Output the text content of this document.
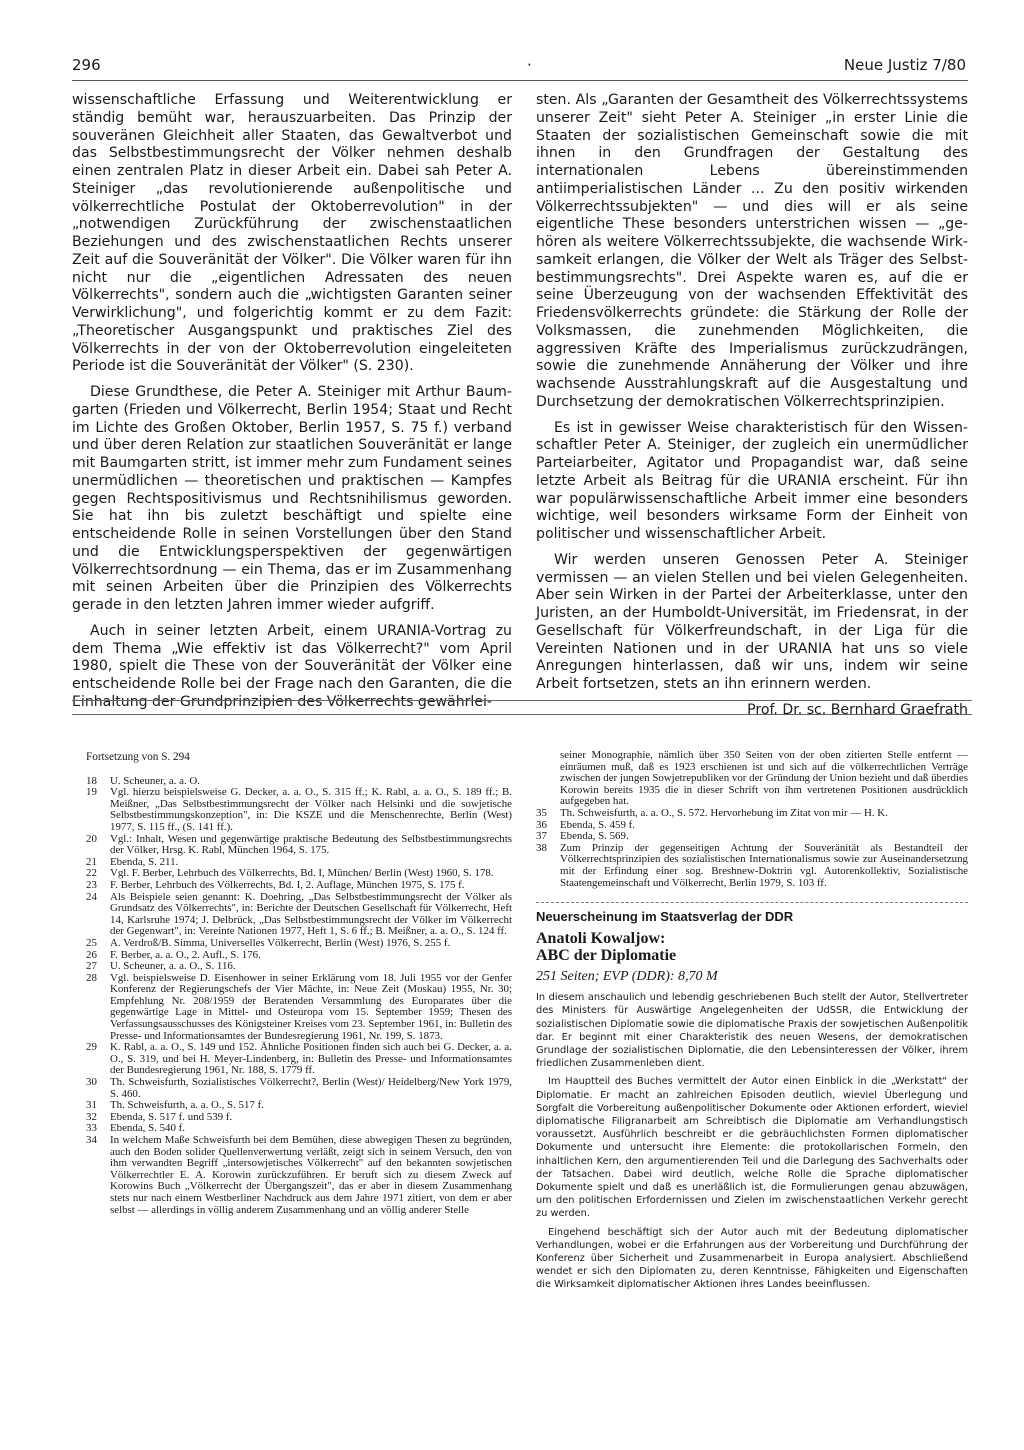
296	·	Neue Justiz 7/80

wissenschaftliche Erfassung und Weiterentwicklung er ständig bemüht war, herauszuarbeiten. Das Prinzip der souveränen Gleichheit aller Staaten, das Gewaltverbot und das Selbstbestimmungsrecht der Völker nehmen deshalb einen zentralen Platz in dieser Arbeit ein. Dabei sah Peter A. Steiniger „das revolutionierende außenpolitische und völkerrechtliche Postulat der Oktoberrevolution" in der „notwendigen Zurückführung der zwischenstaatlichen Beziehungen und des zwischenstaatlichen Rechts unserer Zeit auf die Souveränität der Völker". Die Völker waren für ihn nicht nur die „eigentlichen Adressaten des neuen Völkerrechts", sondern auch die „wichtigsten Garanten seiner Verwirklichung", und folgerichtig kommt er zu dem Fazit: „Theoretischer Ausgangspunkt und praktisches Ziel des Völkerrechts in der von der Oktoberrevolution eingeleiteten Periode ist die Souveränität der Völker" (S. 230).

Diese Grundthese, die Peter A. Steiniger mit Arthur Baumgarten (Frieden und Völkerrecht, Berlin 1954; Staat und Recht im Lichte des Großen Oktober, Berlin 1957, S. 75 f.) verband und über deren Relation zur staatlichen Souveränität er lange mit Baumgarten stritt, ist immer mehr zum Fundament seines unermüdlichen — theoretischen und praktischen — Kampfes gegen Rechtspositivismus und Rechtsnihilismus geworden. Sie hat ihn bis zuletzt beschäftigt und spielte eine entscheidende Rolle in seinen Vorstellungen über den Stand und die Entwicklungsperspektiven der gegenwärtigen Völkerrechtsordnung — ein Thema, das er im Zusammenhang mit seinen Arbeiten über die Prinzipien des Völkerrechts gerade in den letzten Jahren immer wieder aufgriff.

Auch in seiner letzten Arbeit, einem URANIA-Vortrag zu dem Thema „Wie effektiv ist das Völkerrecht?" vom April 1980, spielt die These von der Souveränität der Völker eine entscheidende Rolle bei der Frage nach den Garanten, die die Einhaltung der Grundprinzipien des Völkerrechts gewährlei-

sten. Als „Garanten der Gesamtheit des Völkerrechtssystems unserer Zeit" sieht Peter A. Steiniger „in erster Linie die Staaten der sozialistischen Gemeinschaft sowie die mit ihnen in den Grundfragen der Gestaltung des internationalen Lebens übereinstimmenden antiimperialistischen Länder ... Zu den positiv wirkenden Völkerrechtssubjekten" — und dies will er als seine eigentliche These besonders unterstrichen wissen — „gehören als weitere Völkerrechtssubjekte, die wachsende Wirksamkeit erlangen, die Völker der Welt als Träger des Selbstbestimmungsrechts". Drei Aspekte waren es, auf die er seine Überzeugung von der wachsenden Effektivität des Friedensvölkerrechts gründete: die Stärkung der Rolle der Volksmassen, die zunehmenden Möglichkeiten, die aggressiven Kräfte des Imperialismus zurückzudrängen, sowie die zunehmende Annäherung der Völker und ihre wachsende Ausstrahlungskraft auf die Ausgestaltung und Durchsetzung der demokratischen Völkerrechtsprinzipien.

Es ist in gewisser Weise charakteristisch für den Wissenschaftler Peter A. Steiniger, der zugleich ein unermüdlicher Parteiarbeiter, Agitator und Propagandist war, daß seine letzte Arbeit als Beitrag für die URANIA erscheint. Für ihn war populärwissenschaftliche Arbeit immer eine besonders wichtige, weil besonders wirksame Form der Einheit von politischer und wissenschaftlicher Arbeit.

Wir werden unseren Genossen Peter A. Steiniger vermissen — an vielen Stellen und bei vielen Gelegenheiten. Aber sein Wirken in der Partei der Arbeiterklasse, unter den Juristen, an der Humboldt-Universität, im Friedensrat, in der Gesellschaft für Völkerfreundschaft, in der Liga für die Vereinten Nationen und in der URANIA hat uns so viele Anregungen hinterlassen, daß wir uns, indem wir seine Arbeit fortsetzen, stets an ihn erinnern werden.

Prof. Dr. sc. Bernhard Graefrath

Fortsetzung von S. 294
18	U. Scheuner, a. a. O.
19	Vgl. hierzu beispielsweise G. Decker, a. a. O., S. 315 ff.; K. Rabl, a. a. O., S. 189 ff.; B. Meißner, „Das Selbstbestimmungsrecht der Völker nach Helsinki und die sowjetische Selbstbestimmungskonzeption", in: Die KSZE und die Menschenrechte, Berlin (West) 1977, S. 115 ff., (S. 141 ff.).
20	Vgl.: Inhalt, Wesen und gegenwärtige praktische Bedeutung des Selbstbestimmungsrechts der Völker, Hrsg. K. Rabl, München 1964, S. 175.
21	Ebenda, S. 211.
22	Vgl. F. Berber, Lehrbuch des Völkerrechts, Bd. I, München/ Berlin (West) 1960, S. 178.
23	F. Berber, Lehrbuch des Völkerrechts, Bd. I, 2. Auflage, München 1975, S. 175 f.
24	Als Beispiele seien genannt: K. Doehring, „Das Selbstbestimmungsrecht der Völker als Grundsatz des Völkerrechts", in: Berichte der Deutschen Gesellschaft für Völkerrecht, Heft 14, Karlsruhe 1974; J. Delbrück, „Das Selbstbestimmungsrecht der Völker im Völkerrecht der Gegenwart", in: Vereinte Nationen 1977, Heft 1, S. 6 ff.; B. Meißner, a. a. O., S. 124 ff.
25	A. Verdroß/B. Simma, Universelles Völkerrecht, Berlin (West) 1976, S. 255 f.
26	F. Berber, a. a. O., 2. Aufl., S. 176.
27	U. Scheuner, a. a. O., S. 116.
28	Vgl. beispielsweise D. Eisenhower in seiner Erklärung vom 18. Juli 1955 vor der Genfer Konferenz der Regierungschefs der Vier Mächte, in: Neue Zeit (Moskau) 1955, Nr. 30; Empfehlung Nr. 208/1959 der Beratenden Versammlung des Europarates über die gegenwärtige Lage in Mittel- und Osteuropa vom 15. September 1959; Thesen des Verfassungsausschusses des Königsteiner Kreises vom 23. September 1961, in: Bulletin des Presse- und Informationsamtes der Bundesregierung 1961, Nr. 199, S. 1873.
29	K. Rabl, a. a. O., S. 149 und 152. Ähnliche Positionen finden sich auch bei G. Decker, a. a. O., S. 319, und bei H. Meyer-Lindenberg, in: Bulletin des Presse- und Informationsamtes der Bundesregierung 1961, Nr. 188, S. 1779 ff.
30	Th. Schweisfurth, Sozialistisches Völkerrecht?, Berlin (West)/ Heidelberg/New York 1979, S. 460.
31	Th. Schweisfurth, a. a. O., S. 517 f.
32	Ebenda, S. 517 f. und 539 f.
33	Ebenda, S. 540 f.
34	In welchem Maße Schweisfurth bei dem Bemühen, diese abwegigen Thesen zu begründen, auch den Boden solider Quellenverwertung verläßt, zeigt sich in seinem Versuch, den von ihm verwandten Begriff „intersowjetisches Völkerrecht" auf den bekannten sowjetischen Völkerrechtler E. A. Korowin zurückzuführen. Er beruft sich zu diesem Zweck auf Korowins Buch „Völkerrecht der Übergangszeit", das er aber in diesem Zusammenhang stets nur nach einem Westberliner Nachdruck aus dem Jahre 1971 zitiert, von dem er aber selbst — allerdings in völlig anderem Zusammenhang und an völlig anderer Stelle
seiner Monographie, nämlich über 350 Seiten von der oben zitierten Stelle entfernt — einräumen muß, daß es 1923 erschienen ist und sich auf die völkerrechtlichen Verträge zwischen der jungen Sowjetrepubliken vor der Gründung der Union bezieht und daß überdies Korowin bereits 1935 die in dieser Schrift von ihm vertretenen Positionen ausdrücklich aufgegeben hat.
35	Th. Schweisfurth, a. a. O., S. 572. Hervorhebung im Zitat von mir — H. K.
36	Ebenda, S. 459 f.
37	Ebenda, S. 569.
38	Zum Prinzip der gegenseitigen Achtung der Souveränität als Bestandteil der Völkerrechtsprinzipien des sozialistischen Internationalismus sowie zur Auseinandersetzung mit der Erfindung einer sog. Breshnew-Doktrin vgl. Autorenkollektiv, Sozialistische Staatengemeinschaft und Völkerrecht, Berlin 1979, S. 103 ff.
Neuerscheinung im Staatsverlag der DDR
Anatoli Kowaljow:
ABC der Diplomatie
251 Seiten; EVP (DDR): 8,70 M

In diesem anschaulich und lebendig geschriebenen Buch stellt der Autor, Stellvertreter des Ministers für Auswärtige Angelegenheiten der UdSSR, die Entwicklung der sozialistischen Diplomatie sowie die diplomatische Praxis der sowjetischen Außenpolitik dar. Er beginnt mit einer Charakteristik des neuen Wesens, der demokratischen Grundlage der sozialistischen Diplomatie, die den Lebensinteressen der Völker, ihrem friedlichen Zusammenleben dient.

Im Hauptteil des Buches vermittelt der Autor einen Einblick in die „Werkstatt" der Diplomatie. Er macht an zahlreichen Episoden deutlich, wieviel Überlegung und Sorgfalt die Vorbereitung außenpolitischer Dokumente oder Aktionen erfordert, wieviel diplomatische Filigranarbeit am Schreibtisch die Diplomatie am Verhandlungstisch voraussetzt. Ausführlich beschreibt er die gebräuchlichsten Formen diplomatischer Dokumente und untersucht ihre Elemente: die protokollarischen Formeln, den inhaltlichen Kern, den argumentierenden Teil und die Darlegung des Sachverhalts oder der Tatsachen. Dabei wird deutlich, welche Rolle die Sprache diplomatischer Dokumente spielt und daß es unerläßlich ist, die Formulierungen genau abzuwägen, um den politischen Erfordernissen und Zielen im zwischenstaatlichen Verkehr gerecht zu werden.

Eingehend beschäftigt sich der Autor auch mit der Bedeutung diplomatischer Verhandlungen, wobei er die Erfahrungen aus der Vorbereitung und Durchführung der Konferenz über Sicherheit und Zusammenarbeit in Europa analysiert. Abschließend wendet er sich den Diplomaten zu, deren Kenntnisse, Fähigkeiten und Eigenschaften die Wirksamkeit diplomatischer Aktionen ihres Landes beeinflussen.
